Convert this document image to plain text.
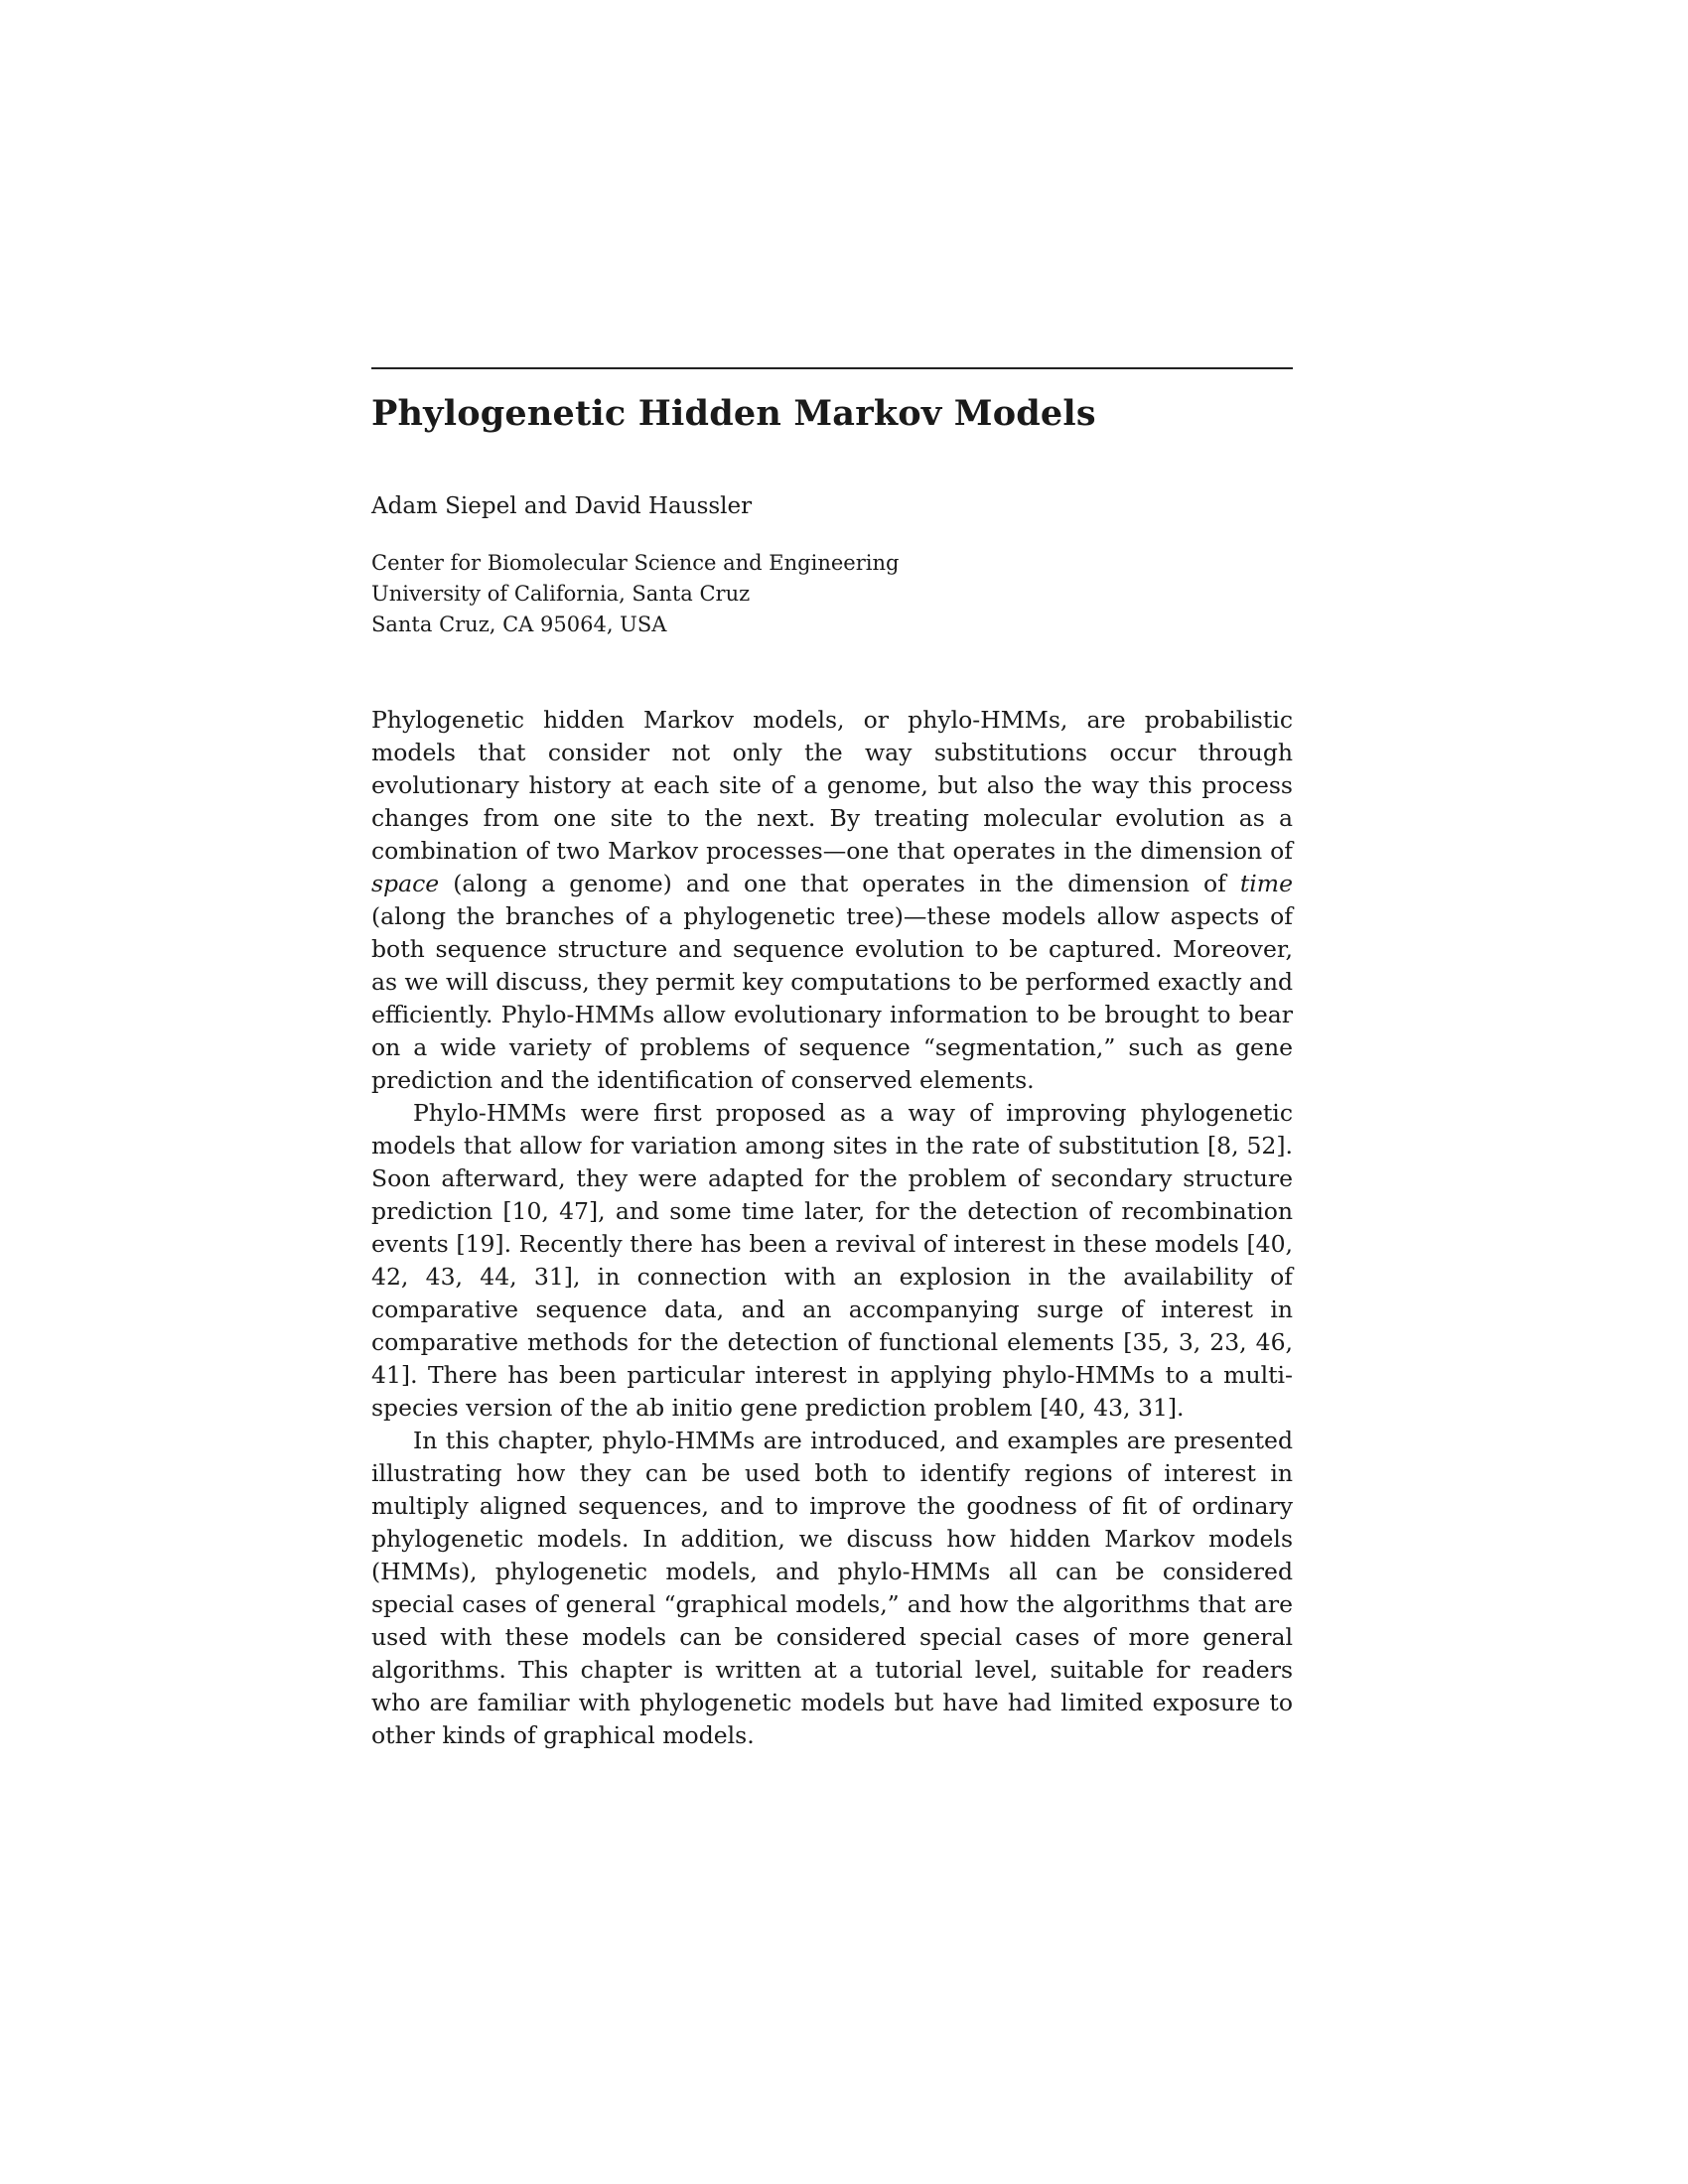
Phylogenetic Hidden Markov Models
Adam Siepel and David Haussler
Center for Biomolecular Science and Engineering
University of California, Santa Cruz
Santa Cruz, CA 95064, USA

Phylogenetic hidden Markov models, or phylo-HMMs, are probabilistic models that consider not only the way substitutions occur through evolutionary history at each site of a genome, but also the way this process changes from one site to the next. By treating molecular evolution as a combination of two Markov processes—one that operates in the dimension of space (along a genome) and one that operates in the dimension of time (along the branches of a phylogenetic tree)—these models allow aspects of both sequence structure and sequence evolution to be captured. Moreover, as we will discuss, they permit key computations to be performed exactly and efficiently. Phylo-HMMs allow evolutionary information to be brought to bear on a wide variety of problems of sequence “segmentation,” such as gene prediction and the identification of conserved elements.

Phylo-HMMs were first proposed as a way of improving phylogenetic models that allow for variation among sites in the rate of substitution [8, 52]. Soon afterward, they were adapted for the problem of secondary structure prediction [10, 47], and some time later, for the detection of recombination events [19]. Recently there has been a revival of interest in these models [40, 42, 43, 44, 31], in connection with an explosion in the availability of comparative sequence data, and an accompanying surge of interest in comparative methods for the detection of functional elements [35, 3, 23, 46, 41]. There has been particular interest in applying phylo-HMMs to a multi-species version of the ab initio gene prediction problem [40, 43, 31].

In this chapter, phylo-HMMs are introduced, and examples are presented illustrating how they can be used both to identify regions of interest in multiply aligned sequences, and to improve the goodness of fit of ordinary phylogenetic models. In addition, we discuss how hidden Markov models (HMMs), phylogenetic models, and phylo-HMMs all can be considered special cases of general “graphical models,” and how the algorithms that are used with these models can be considered special cases of more general algorithms. This chapter is written at a tutorial level, suitable for readers who are familiar with phylogenetic models but have had limited exposure to other kinds of graphical models.
